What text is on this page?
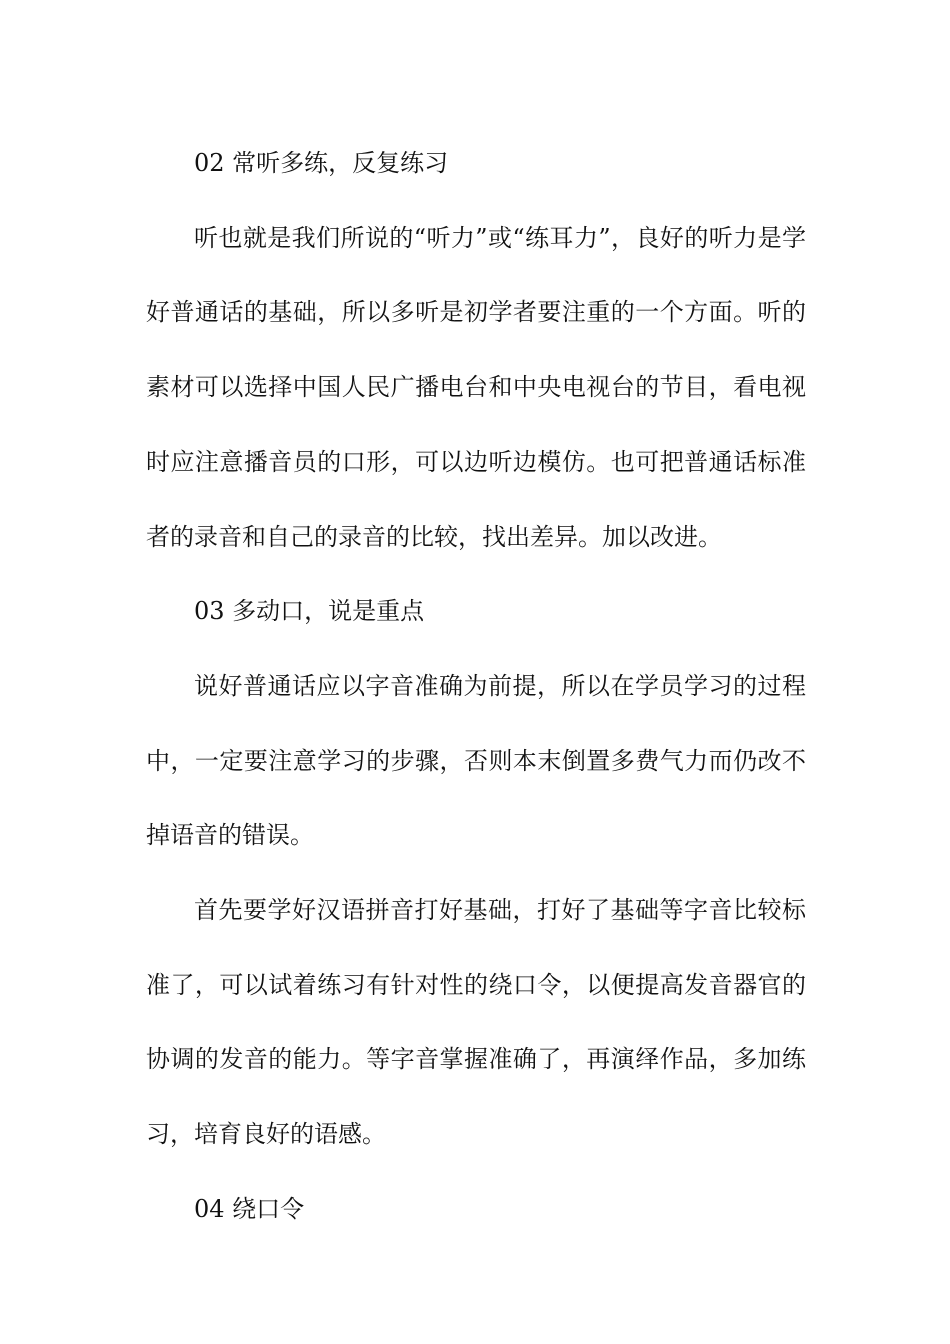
02 常听多练，反复练习

听也就是我们所说的“听力”或“练耳力”，良好的听力是学好普通话的基础，所以多听是初学者要注重的一个方面。听的素材可以选择中国人民广播电台和中央电视台的节目，看电视时应注意播音员的口形，可以边听边模仿。也可把普通话标准者的录音和自己的录音的比较，找出差异。加以改进。

03 多动口，说是重点

说好普通话应以字音准确为前提，所以在学员学习的过程中，一定要注意学习的步骤，否则本末倒置多费气力而仍改不掉语音的错误。

首先要学好汉语拼音打好基础，打好了基础等字音比较标准了，可以试着练习有针对性的绕口令，以便提高发音器官的协调的发音的能力。等字音掌握准确了，再演绎作品，多加练习，培育良好的语感。

04 绕口令
